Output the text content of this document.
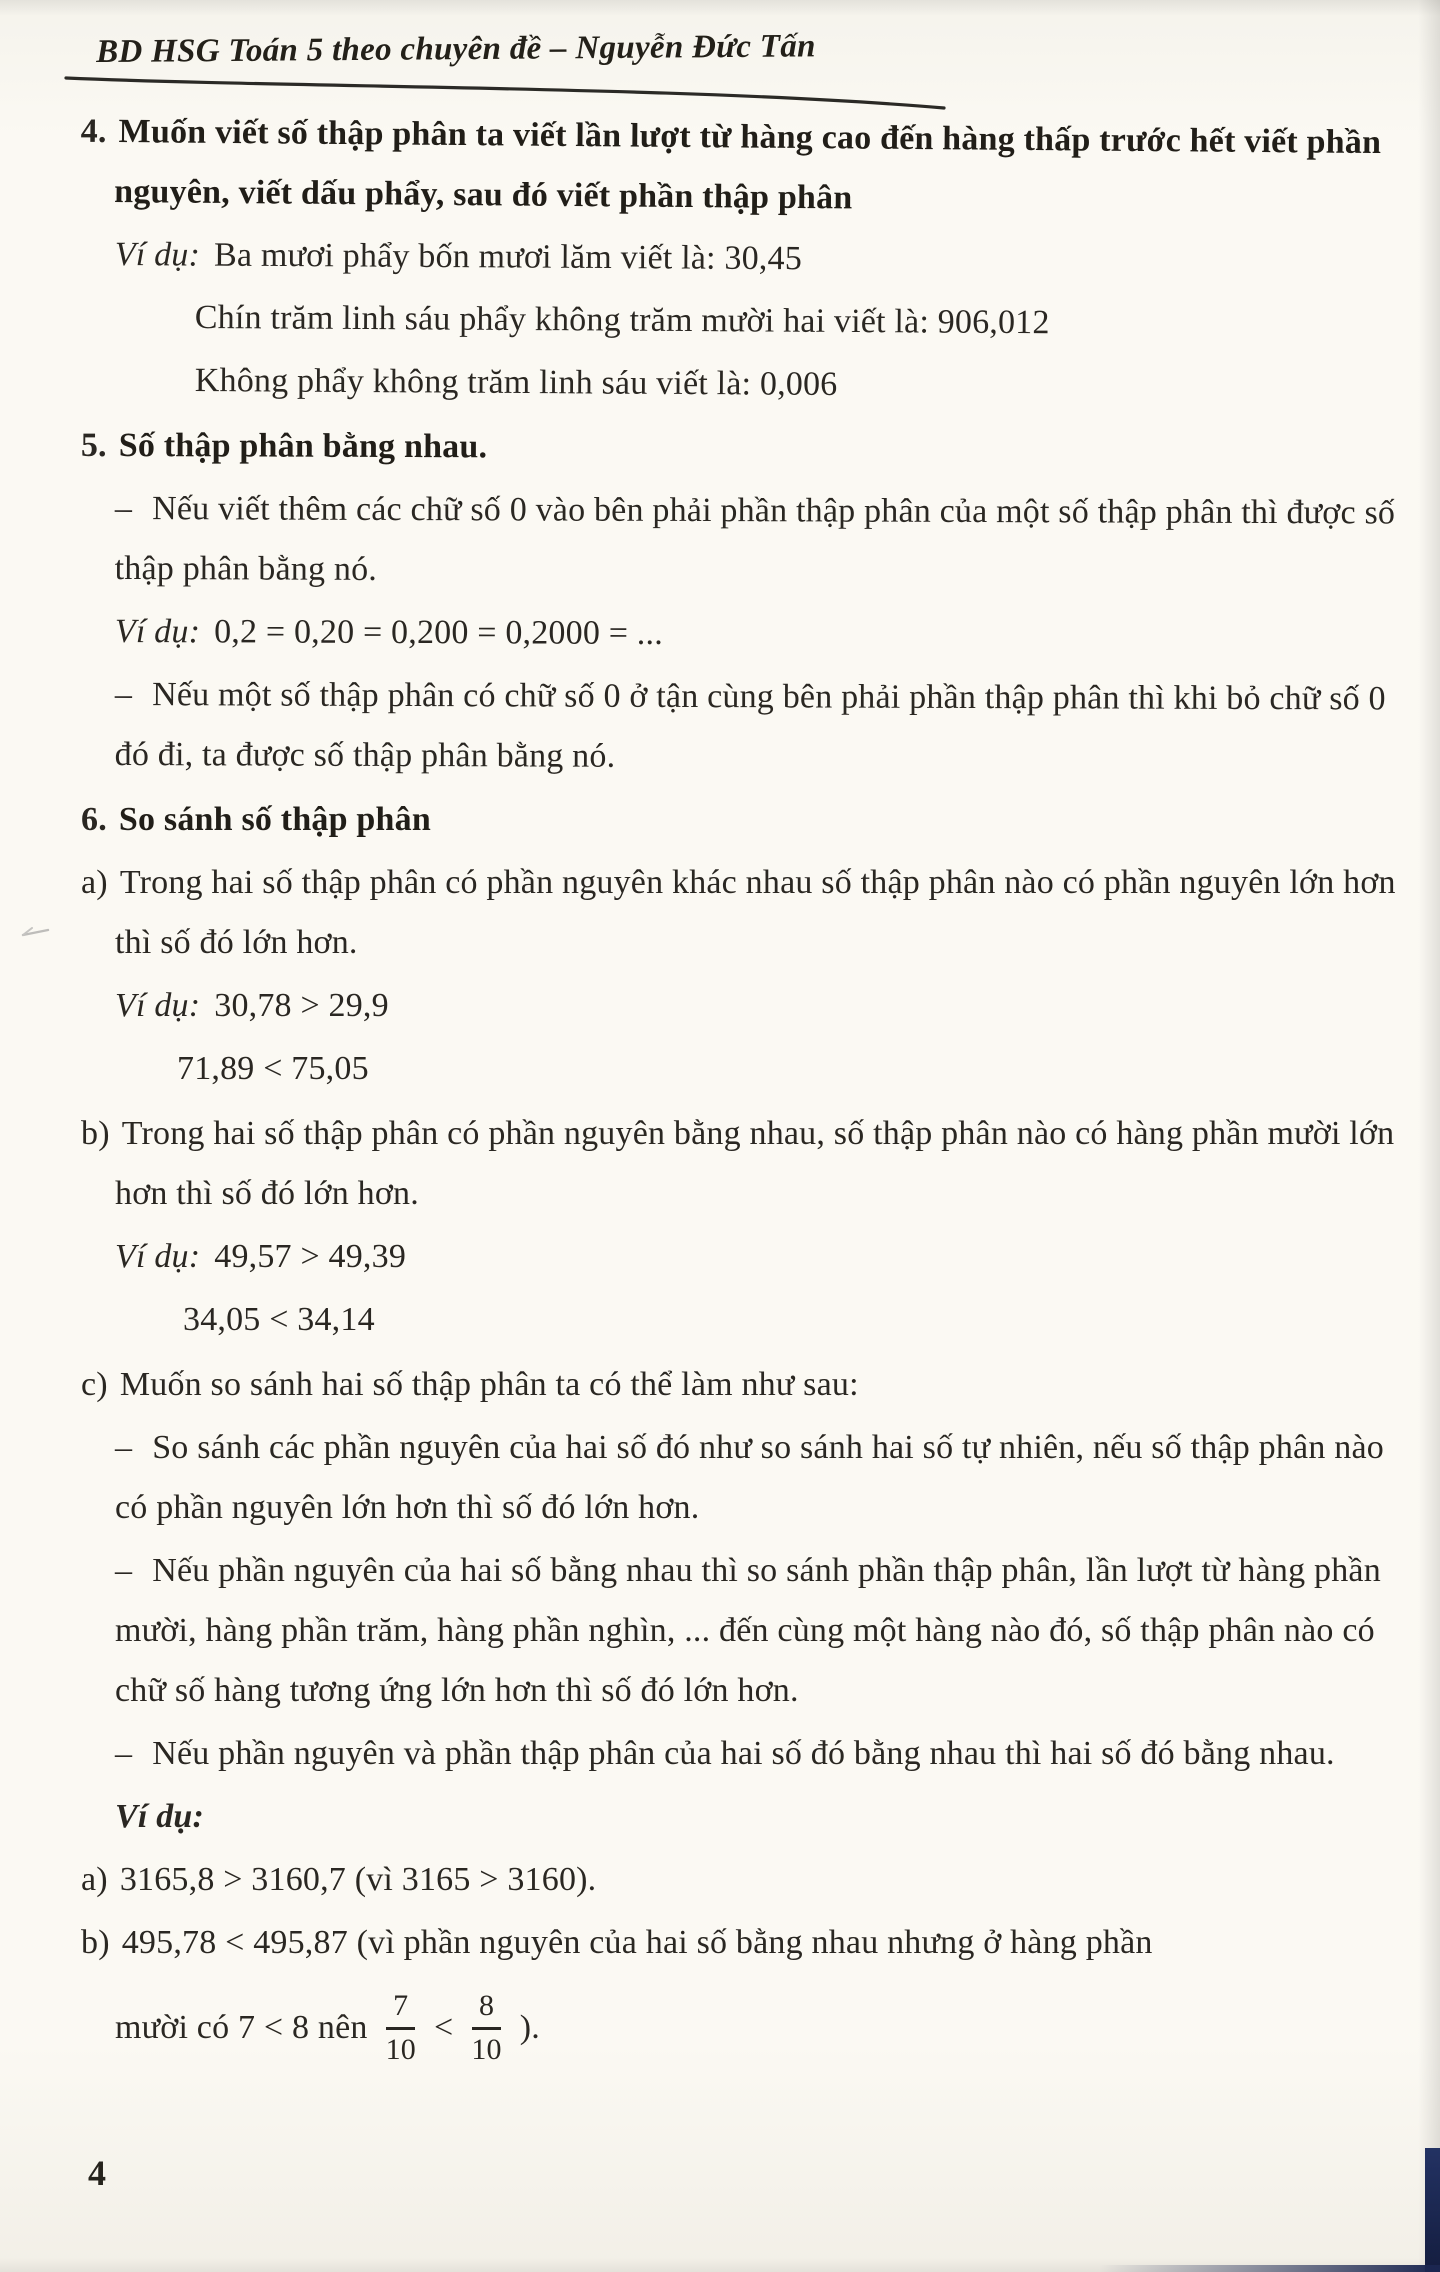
BD HSG Toán 5 theo chuyên đề – Nguyễn Đức Tấn
4. Muốn viết số thập phân ta viết lần lượt từ hàng cao đến hàng thấp trước hết viết phần nguyên, viết dấu phẩy, sau đó viết phần thập phân
Ví dụ: Ba mươi phẩy bốn mươi lăm viết là: 30,45
Chín trăm linh sáu phẩy không trăm mười hai viết là: 906,012
Không phẩy không trăm linh sáu viết là: 0,006
5. Số thập phân bằng nhau.
– Nếu viết thêm các chữ số 0 vào bên phải phần thập phân của một số thập phân thì được số thập phân bằng nó.
Ví dụ: 0,2 = 0,20 = 0,200 = 0,2000 = ...
– Nếu một số thập phân có chữ số 0 ở tận cùng bên phải phần thập phân thì khi bỏ chữ số 0 đó đi, ta được số thập phân bằng nó.
6. So sánh số thập phân
a) Trong hai số thập phân có phần nguyên khác nhau số thập phân nào có phần nguyên lớn hơn thì số đó lớn hơn.
Ví dụ: 30,78 > 29,9
71,89 < 75,05
b) Trong hai số thập phân có phần nguyên bằng nhau, số thập phân nào có hàng phần mười lớn hơn thì số đó lớn hơn.
Ví dụ: 49,57 > 49,39
34,05 < 34,14
c) Muốn so sánh hai số thập phân ta có thể làm như sau:
– So sánh các phần nguyên của hai số đó như so sánh hai số tự nhiên, nếu số thập phân nào có phần nguyên lớn hơn thì số đó lớn hơn.
– Nếu phần nguyên của hai số bằng nhau thì so sánh phần thập phân, lần lượt từ hàng phần mười, hàng phần trăm, hàng phần nghìn, ... đến cùng một hàng nào đó, số thập phân nào có chữ số hàng tương ứng lớn hơn thì số đó lớn hơn.
– Nếu phần nguyên và phần thập phân của hai số đó bằng nhau thì hai số đó bằng nhau.
Ví dụ:
a) 3165,8 > 3160,7 (vì 3165 > 3160).
b) 495,78 < 495,87 (vì phần nguyên của hai số bằng nhau nhưng ở hàng phần
mười có 7 < 8 nên $\frac{7}{10} < \frac{8}{10}$ ).
4
